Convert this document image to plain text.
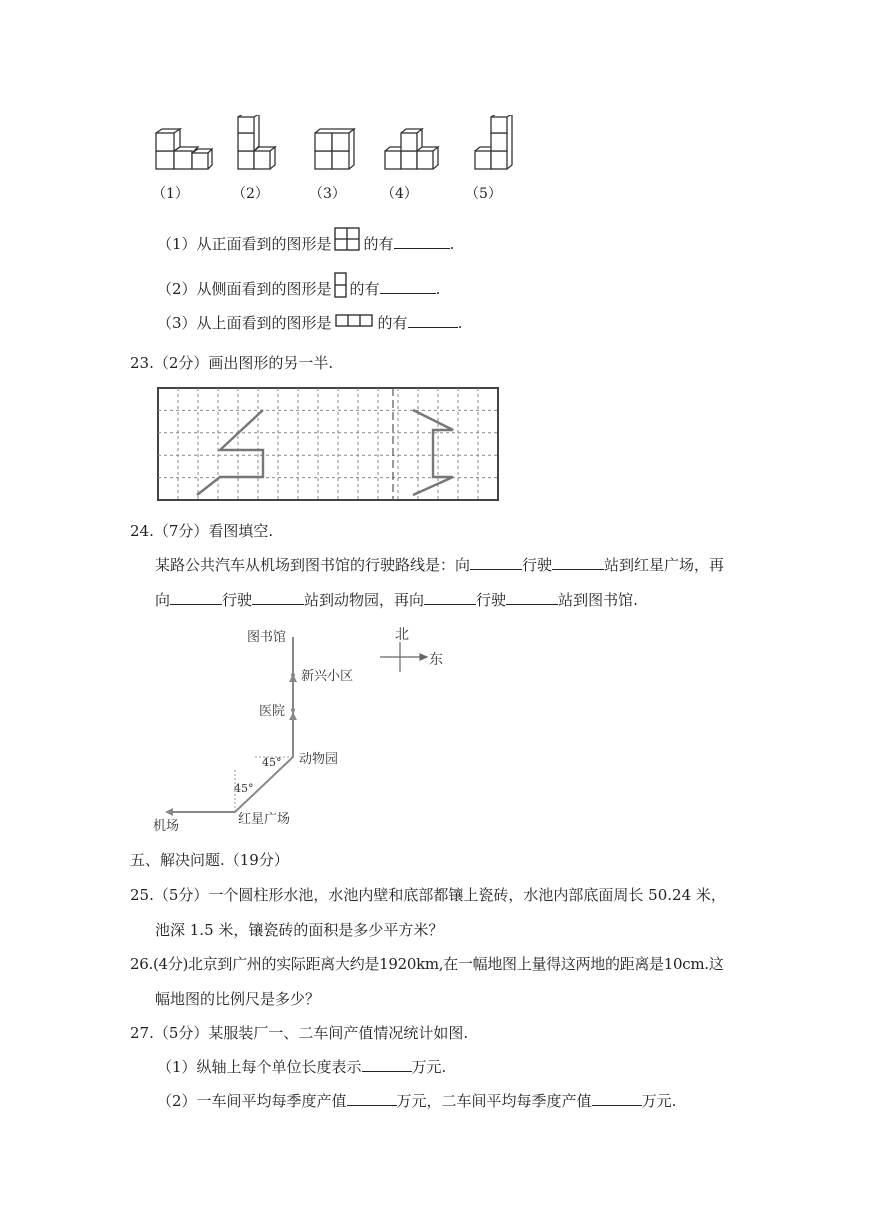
（1）	（2）	（3）	（4）	（5）
（1）从正面看到的图形是 的有	.
（2）从侧面看到的图形是 的有	.
（3）从上面看到的图形是	的有	.
23.（2分）画出图形的另一半.
24.（7分）看图填空.
某路公共汽车从机场到图书馆的行驶路线是：向	行驶	站到红星广场，再
向	行驶	站到动物园，再向	行驶	站到图书馆.
北
东
图书馆
新兴小区
医院
动物园
45°
45°
红星广场
机场
五、解决问题.（19分）
25.（5分）一个圆柱形水池，水池内壁和底部都镶上瓷砖，水池内部底面周长 50.24 米，
池深 1.5 米，镶瓷砖的面积是多少平方米？
26.(4分)北京到广州的实际距离大约是1920km,在一幅地图上量得这两地的距离是10cm.这
幅地图的比例尺是多少？
27.（5分）某服装厂一、二车间产值情况统计如图.
（1）纵轴上每个单位长度表示	万元.
（2）一车间平均每季度产值	万元，二车间平均每季度产值	万元.
